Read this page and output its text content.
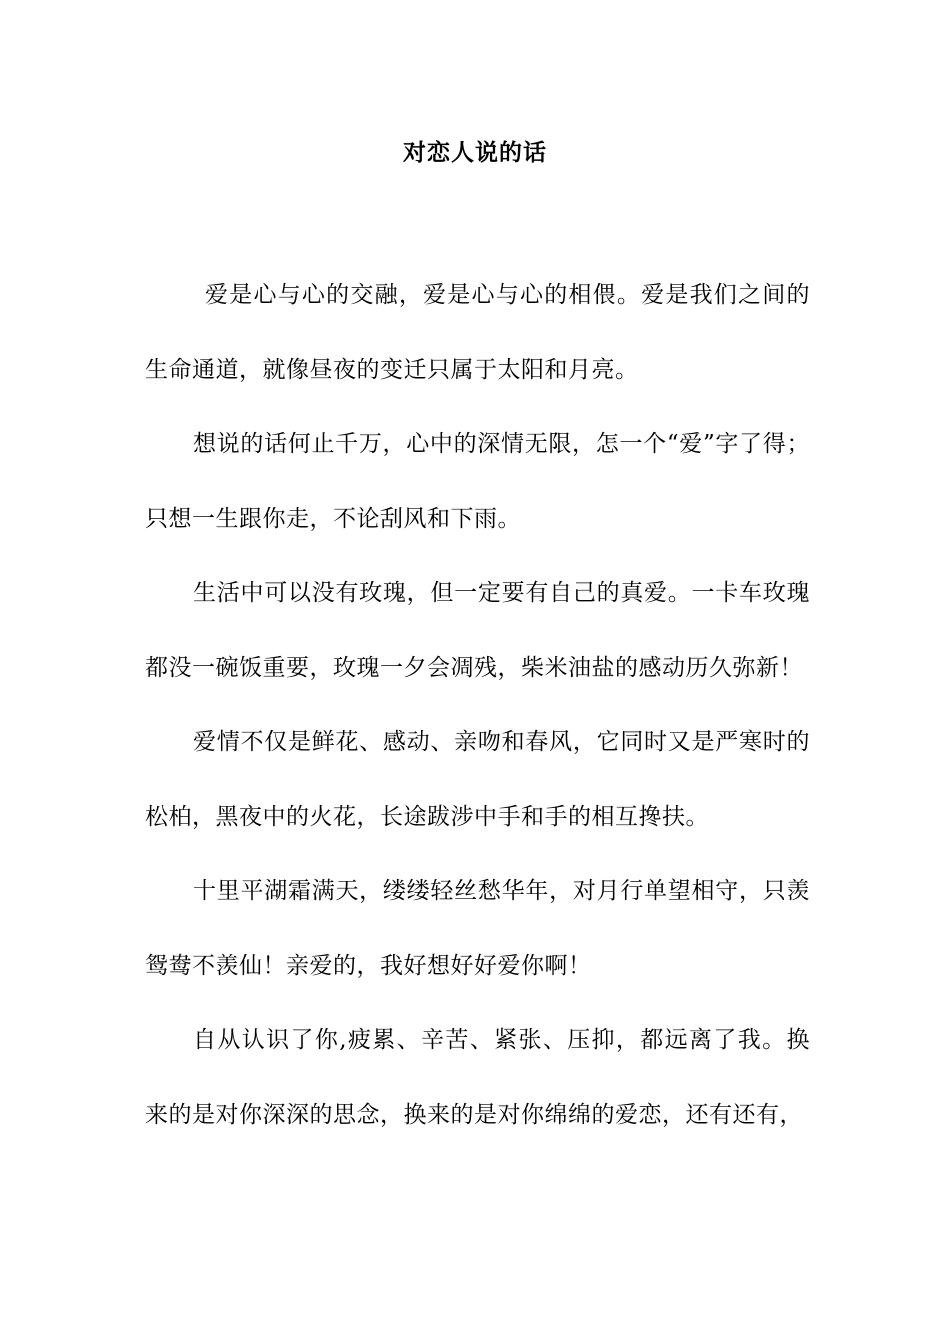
对恋人说的话

爱是心与心的交融，爱是心与心的相偎。爱是我们之间的生命通道，就像昼夜的变迁只属于太阳和月亮。

想说的话何止千万，心中的深情无限，怎一个“爱”字了得；只想一生跟你走，不论刮风和下雨。

生活中可以没有玫瑰，但一定要有自己的真爱。一卡车玫瑰都没一碗饭重要，玫瑰一夕会凋残，柴米油盐的感动历久弥新！

爱情不仅是鲜花、感动、亲吻和春风，它同时又是严寒时的松柏，黑夜中的火花，长途跋涉中手和手的相互搀扶。

十里平湖霜满天，缕缕轻丝愁华年，对月行单望相守，只羡鸳鸯不羡仙！亲爱的，我好想好好爱你啊！

自从认识了你,疲累、辛苦、紧张、压抑，都远离了我。换来的是对你深深的思念，换来的是对你绵绵的爱恋，还有还有，
